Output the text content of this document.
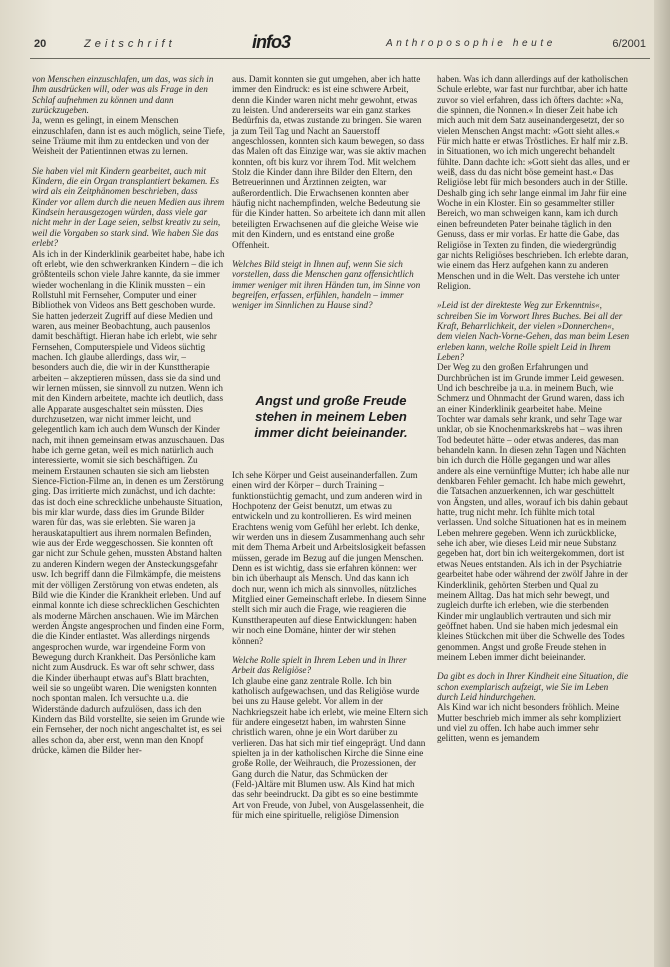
20	Zeitschrift	info3	Anthroposophie heute	6/2001

von Menschen einzuschlafen, um das, was sich in Ihm ausdrücken will, oder was als Frage in den Schlaf aufnehmen zu können und dann zurückzugeben.

Ja, wenn es gelingt, in einem Menschen einzuschlafen, dann ist es auch möglich, seine Tiefe, seine Träume mit ihm zu entdecken und von der Weisheit der Patientinnen etwas zu lernen.

Sie haben viel mit Kindern gearbeitet, auch mit Kindern, die ein Organ transplantiert bekamen. Es wird als ein Zeitphänomen beschrieben, dass Kinder vor allem durch die neuen Medien aus ihrem Kindsein herausgezogen würden, dass viele gar nicht mehr in der Lage seien, selbst kreativ zu sein, weil die Vorgaben so stark sind. Wie haben Sie das erlebt?

Als ich in der Kinderklinik gearbeitet habe, habe ich oft erlebt, wie den schwerkranken Kindern – die ich größtenteils schon viele Jahre kannte, da sie immer wieder wochenlang in die Klinik mussten – ein Rollstuhl mit Fernseher, Computer und einer Bibliothek von Videos ans Bett geschoben wurde. Sie hatten jederzeit Zugriff auf diese Medien und waren, aus meiner Beobachtung, auch pausenlos damit beschäftigt. Hieran habe ich erlebt, wie sehr Fernsehen, Computerspiele und Videos süchtig machen. Ich glaube allerdings, dass wir, – besonders auch die, die wir in der Kunsttherapie arbeiten – akzeptieren müssen, dass sie da sind und wir lernen müssen, sie sinnvoll zu nutzen. Wenn ich mit den Kindern arbeitete, machte ich deutlich, dass alle Apparate ausgeschaltet sein müssten. Dies durchzusetzen, war nicht immer leicht, und gelegentlich kam ich auch dem Wunsch der Kinder nach, mit ihnen gemeinsam etwas anzuschauen. Das habe ich gerne getan, weil es mich natürlich auch interessierte, womit sie sich beschäftigen. Zu meinem Erstaunen schauten sie sich am liebsten Sience-Fiction-Filme an, in denen es um Zerstörung ging. Das irritierte mich zunächst, und ich dachte: das ist doch eine schreckliche unbehauste Situation, bis mir klar wurde, dass dies im Grunde Bilder waren für das, was sie erlebten. Sie waren ja herauskatapultiert aus ihrem normalen Befinden, wie aus der Erde weggeschossen. Sie konnten oft gar nicht zur Schule gehen, mussten Abstand halten zu anderen Kindern wegen der Ansteckungsgefahr usw. Ich begriff dann die Filmkämpfe, die meistens mit der völligen Zerstörung von etwas endeten, als Bild wie die Kinder die Krankheit erleben. Und auf einmal konnte ich diese schrecklichen Geschichten als moderne Märchen anschauen. Wie im Märchen werden Ängste angesprochen und finden eine Form, die die Kinder entlastet. Was allerdings nirgends angesprochen wurde, war irgendeine Form von Bewegung durch Krankheit. Das Persönliche kam nicht zum Ausdruck. Es war oft sehr schwer, dass die Kinder überhaupt etwas auf's Blatt brachten, weil sie so ungeübt waren. Die wenigsten konnten noch spontan malen. Ich versuchte u.a. die Widerstände dadurch aufzulösen, dass ich den Kindern das Bild vorstellte, sie seien im Grunde wie ein Fernseher, der noch nicht angeschaltet ist, es sei alles schon da, aber erst, wenn man den Knopf drücke, kämen die Bilder her-

aus. Damit konnten sie gut umgehen, aber ich hatte immer den Eindruck: es ist eine schwere Arbeit, denn die Kinder waren nicht mehr gewohnt, etwas zu leisten. Und andererseits war ein ganz starkes Bedürfnis da, etwas zustande zu bringen. Sie waren ja zum Teil Tag und Nacht an Sauerstoff angeschlossen, konnten sich kaum bewegen, so dass das Malen oft das Einzige war, was sie aktiv machen konnten, oft bis kurz vor ihrem Tod. Mit welchem Stolz die Kinder dann ihre Bilder den Eltern, den Betreuerinnen und Ärztinnen zeigten, war außerordentlich. Die Erwachsenen konnten aber häufig nicht nachempfinden, welche Bedeutung sie für die Kinder hatten. So arbeitete ich dann mit allen beteiligten Erwachsenen auf die gleiche Weise wie mit den Kindern, und es entstand eine große Offenheit.

Welches Bild steigt in Ihnen auf, wenn Sie sich vorstellen, dass die Menschen ganz offensichtlich immer weniger mit ihren Händen tun, im Sinne von begreifen, erfassen, erfühlen, handeln – immer weniger im Sinnlichen zu Hause sind?

Angst und große Freude
stehen in meinem Leben
immer dicht beieinander.

Ich sehe Körper und Geist auseinanderfallen. Zum einen wird der Körper – durch Training – funktionstüchtig gemacht, und zum anderen wird in Hochpotenz der Geist benutzt, um etwas zu entwickeln und zu kontrollieren. Es wird meinen Erachtens wenig vom Gefühl her erlebt. Ich denke, wir werden uns in diesem Zusammenhang auch sehr mit dem Thema Arbeit und Arbeitslosigkeit befassen müssen, gerade im Bezug auf die jungen Menschen. Denn es ist wichtig, dass sie erfahren können: wer bin ich überhaupt als Mensch. Und das kann ich doch nur, wenn ich mich als sinnvolles, nützliches Mitglied einer Gemeinschaft erlebe. In diesem Sinne stellt sich mir auch die Frage, wie reagieren die Kunsttherapeuten auf diese Entwicklungen: haben wir noch eine Domäne, hinter der wir stehen können?

Welche Rolle spielt in Ihrem Leben und in Ihrer Arbeit das Religiöse?

Ich glaube eine ganz zentrale Rolle. Ich bin katholisch aufgewachsen, und das Religiöse wurde bei uns zu Hause gelebt. Vor allem in der Nachkriegszeit habe ich erlebt, wie meine Eltern sich für andere eingesetzt haben, im wahrsten Sinne christlich waren, ohne je ein Wort darüber zu verlieren. Das hat sich mir tief eingeprägt. Und dann spielten ja in der katholischen Kirche die Sinne eine große Rolle, der Weihrauch, die Prozessionen, der Gang durch die Natur, das Schmücken der (Feld-)Altäre mit Blumen usw. Als Kind hat mich das sehr beeindruckt. Da gibt es so eine bestimmte Art von Freude, von Jubel, von Ausgelassenheit, die für mich eine spirituelle, religiöse Dimension

haben. Was ich dann allerdings auf der katholischen Schule erlebte, war fast nur furchtbar, aber ich hatte zuvor so viel erfahren, dass ich öfters dachte: »Na, die spinnen, die Nonnen.« In dieser Zeit habe ich mich auch mit dem Satz auseinandergesetzt, der so vielen Menschen Angst macht: »Gott sieht alles.« Für mich hatte er etwas Tröstliches. Er half mir z.B. in Situationen, wo ich mich ungerecht behandelt fühlte. Dann dachte ich: »Gott sieht das alles, und er weiß, dass du das nicht böse gemeint hast.« Das Religiöse lebt für mich besonders auch in der Stille. Deshalb ging ich sehr lange einmal im Jahr für eine Woche in ein Kloster. Ein so gesammelter stiller Bereich, wo man schweigen kann, kam ich durch einen befreundeten Pater beinahe täglich in den Genuss, dass er mir vorlas. Er hatte die Gabe, das Religiöse in Texten zu finden, die wiedergründig gar nichts Religiöses beschrieben. Ich erlebte daran, wie einem das Herz aufgehen kann zu anderen Menschen und in die Welt. Das verstehe ich unter Religion.

»Leid ist der direkteste Weg zur Erkenntnis«, schreiben Sie im Vorwort Ihres Buches. Bei all der Kraft, Beharrlichkeit, der vielen »Donnerchen«, dem vielen Nach-Vorne-Gehen, das man beim Lesen erleben kann, welche Rolle spielt Leid in Ihrem Leben?

Der Weg zu den großen Erfahrungen und Durchbrüchen ist im Grunde immer Leid gewesen. Und ich beschreibe ja u.a. in meinem Buch, wie Schmerz und Ohnmacht der Grund waren, dass ich an einer Kinderklinik gearbeitet habe. Meine Tochter war damals sehr krank, und sehr Tage war unklar, ob sie Knochenmarkskrebs hat – was ihren Tod bedeutet hätte – oder etwas anderes, das man behandeln kann. In diesen zehn Tagen und Nächten bin ich durch die Hölle gegangen und war alles andere als eine vernünftige Mutter; ich habe alle nur denkbaren Fehler gemacht. Ich habe mich gewehrt, die Tatsachen anzuerkennen, ich war geschüttelt von Ängsten, und alles, worauf ich bis dahin gebaut hatte, trug nicht mehr. Ich fühlte mich total verlassen. Und solche Situationen hat es in meinem Leben mehrere gegeben. Wenn ich zurückblicke, sehe ich aber, wie dieses Leid mir neue Substanz gegeben hat, dort bin ich weitergekommen, dort ist etwas Neues entstanden. Als ich in der Psychiatrie gearbeitet habe oder während der zwölf Jahre in der Kinderklinik, gehörten Sterben und Qual zu meinem Alltag. Das hat mich sehr bewegt, und zugleich durfte ich erleben, wie die sterbenden Kinder mir unglaublich vertrauten und sich mir geöffnet haben. Und sie haben mich jedesmal ein kleines Stückchen mit über die Schwelle des Todes genommen. Angst und große Freude stehen in meinem Leben immer dicht beieinander.

Da gibt es doch in Ihrer Kindheit eine Situation, die schon exemplarisch aufzeigt, wie Sie im Leben durch Leid hindurchgehen.

Als Kind war ich nicht besonders fröhlich. Meine Mutter beschrieb mich immer als sehr kompliziert und viel zu offen. Ich habe auch immer sehr gelitten, wenn es jemandem
